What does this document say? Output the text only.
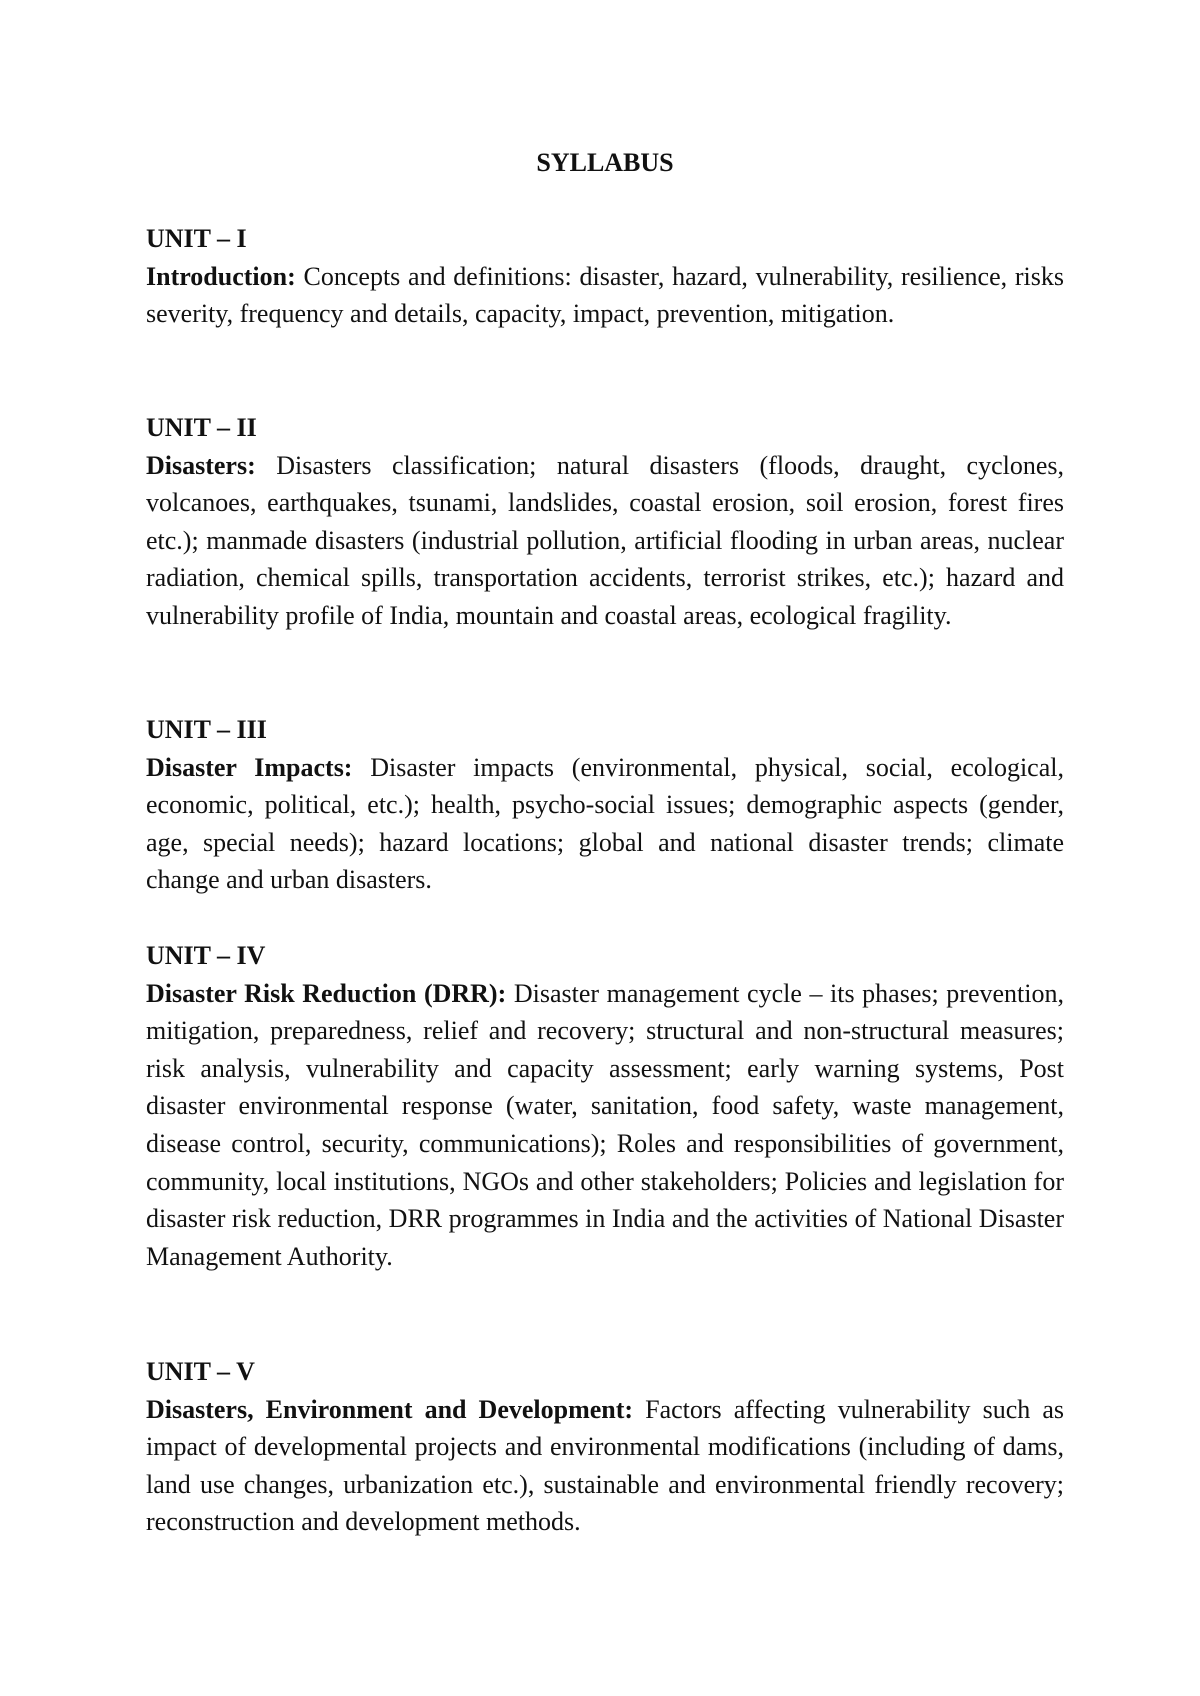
SYLLABUS

UNIT – I

Introduction: Concepts and definitions: disaster, hazard, vulnerability, resilience, risks severity, frequency and details, capacity, impact, prevention, mitigation.

UNIT – II

Disasters: Disasters classification; natural disasters (floods, draught, cyclones, volcanoes, earthquakes, tsunami, landslides, coastal erosion, soil erosion, forest fires etc.); manmade disasters (industrial pollution, artificial flooding in urban areas, nuclear radiation, chemical spills, transportation accidents, terrorist strikes, etc.); hazard and vulnerability profile of India, mountain and coastal areas, ecological fragility.

UNIT – III

Disaster Impacts: Disaster impacts (environmental, physical, social, ecological, economic, political, etc.); health, psycho-social issues; demographic aspects (gender, age, special needs); hazard locations; global and national disaster trends; climate change and urban disasters.

UNIT – IV

Disaster Risk Reduction (DRR): Disaster management cycle – its phases; prevention, mitigation, preparedness, relief and recovery; structural and non-structural measures; risk analysis, vulnerability and capacity assessment; early warning systems, Post disaster environmental response (water, sanitation, food safety, waste management, disease control, security, communications); Roles and responsibilities of government, community, local institutions, NGOs and other stakeholders; Policies and legislation for disaster risk reduction, DRR programmes in India and the activities of National Disaster Management Authority.

UNIT – V

Disasters, Environment and Development: Factors affecting vulnerability such as impact of developmental projects and environmental modifications (including of dams, land use changes, urbanization etc.), sustainable and environmental friendly recovery; reconstruction and development methods.
